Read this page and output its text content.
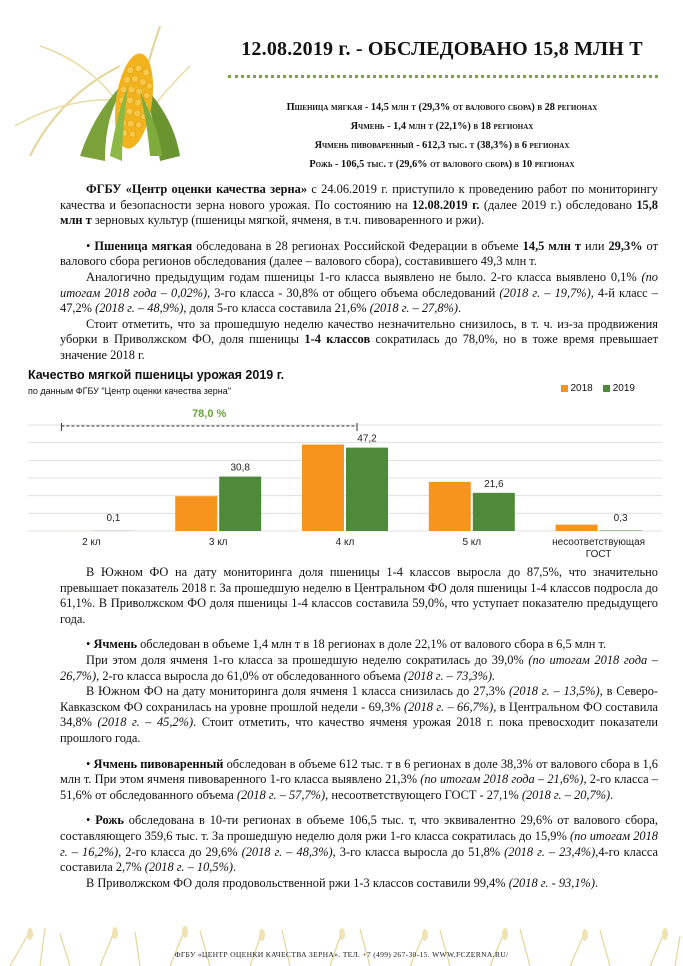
12.08.2019 г. - ОБСЛЕДОВАНО 15,8 МЛН Т
Пшеница мягкая - 14,5 млн т (29,3% от валового сбора) в 28 регионах
Ячмень - 1,4 млн т (22,1%) в 18 регионах
Ячмень пивоваренный - 612,3 тыс. т (38,3%) в 6 регионах
Рожь - 106,5 тыс. т (29,6% от валового сбора) в 10 регионах

ФГБУ «Центр оценки качества зерна» с 24.06.2019 г. приступило к проведению работ по мониторингу качества и безопасности зерна нового урожая. По состоянию на 12.08.2019 г. (далее 2019 г.) обследовано 15,8 млн т зерновых культур (пшеницы мягкой, ячменя, в т.ч. пивоваренного и ржи).

• Пшеница мягкая обследована в 28 регионах Российской Федерации в объеме 14,5 млн т или 29,3% от валового сбора регионов обследования (далее – валового сбора), составившего 49,3 млн т.

Аналогично предыдущим годам пшеницы 1-го класса выявлено не было. 2-го класса выявлено 0,1% (по итогам 2018 года – 0,02%), 3-го класса - 30,8% от общего объема обследований (2018 г. – 19,7%), 4-й класс – 47,2% (2018 г. – 48,9%), доля 5-го класса составила 21,6% (2018 г. – 27,8%).

Стоит отметить, что за прошедшую неделю качество незначительно снизилось, в т. ч. из-за продвижения уборки в Приволжском ФО, доля пшеницы 1-4 классов сократилась до 78,0%, но в тоже время превышает значение 2018 г.

Качество мягкой пшеницы урожая 2019 г.
по данным ФГБУ "Центр оценки качества зерна"	2018	2019
0,1
2 кл
30,8
3 кл
47,2
4 кл
21,6
5 кл
0,3
несоответствующая
ГОСТ
78,0 %

В Южном ФО на дату мониторинга доля пшеницы 1-4 классов выросла до 87,5%, что значительно превышает показатель 2018 г. За прошедшую неделю в Центральном ФО доля пшеницы 1-4 классов подросла до 61,1%. В Приволжском ФО доля пшеницы 1-4 классов составила 59,0%, что уступает показателю предыдущего года.

• Ячмень обследован в объеме 1,4 млн т в 18 регионах в доле 22,1% от валового сбора в 6,5 млн т.

При этом доля ячменя 1-го класса за прошедшую неделю сократилась до 39,0% (по итогам 2018 года – 26,7%), 2-го класса выросла до 61,0% от обследованного объема (2018 г. – 73,3%).

В Южном ФО на дату мониторинга доля ячменя 1 класса снизилась до 27,3% (2018 г. – 13,5%), в Северо-Кавказском ФО сохранилась на уровне прошлой недели - 69,3% (2018 г. – 66,7%), в Центральном ФО составила 34,8% (2018 г. – 45,2%). Стоит отметить, что качество ячменя урожая 2018 г. пока превосходит показатели прошлого года.

• Ячмень пивоваренный обследован в объеме 612 тыс. т в 6 регионах в доле 38,3% от валового сбора в 1,6 млн т. При этом ячменя пивоваренного 1-го класса выявлено 21,3% (по итогам 2018 года – 21,6%), 2-го класса – 51,6% от обследованного объема (2018 г. – 57,7%), несоответствующего ГОСТ - 27,1% (2018 г. – 20,7%).

• Рожь обследована в 10-ти регионах в объеме 106,5 тыс. т, что эквивалентно 29,6% от валового сбора, составляющего 359,6 тыс. т. За прошедшую неделю доля ржи 1-го класса сократилась до 15,9% (по итогам 2018 г. – 16,2%), 2-го класса до 29,6% (2018 г. – 48,3%), 3-го класса выросла до 51,8% (2018 г. – 23,4%),4-го класса составила 2,7% (2018 г. – 10,5%).

В Приволжском ФО доля продовольственной ржи 1-3 классов составили 99,4% (2018 г. - 93,1%).

ФГБУ «ЦЕНТР ОЦЕНКИ КАЧЕСТВА ЗЕРНА». ТЕЛ. +7 (499) 267-30-15. WWW.FCZERNA.RU/
